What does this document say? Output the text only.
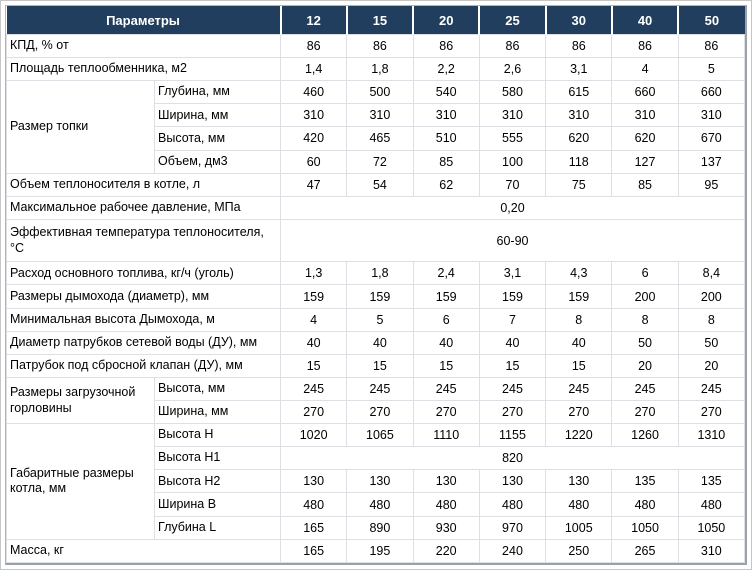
Параметры		12	15	20	25	30	40	50
КПД, % от		86	86	86	86	86	86	86
Площадь теплообменника, м2		1,4	1,8	2,2	2,6	3,1	4	5
Размер топки	Глубина, мм	460	500	540	580	615	660	660
	Ширина, мм	310	310	310	310	310	310	310
	Высота, мм	420	465	510	555	620	620	670
	Объем, дм3	60	72	85	100	118	127	137
Объем теплоносителя в котле, л		47	54	62	70	75	85	95
Максимальное рабочее давление, МПа		0,20						
Эффективная температура теплоносителя, °С		60-90						
Расход основного топлива, кг/ч (уголь)		1,3	1,8	2,4	3,1	4,3	6	8,4
Размеры дымохода (диаметр), мм		159	159	159	159	159	200	200
Минимальная высота Дымохода, м		4	5	6	7	8	8	8
Диаметр патрубков сетевой воды (ДУ), мм		40	40	40	40	40	50	50
Патрубок под сбросной клапан (ДУ), мм		15	15	15	15	15	20	20
Размеры загрузочной горловины	Высота, мм	245	245	245	245	245	245	245
	Ширина, мм	270	270	270	270	270	270	270
Габаритные размеры котла, мм	Высота Н	1020	1065	1110	1155	1220	1260	1310
	Высота Н1	820						
	Высота Н2	130	130	130	130	130	135	135
	Ширина В	480	480	480	480	480	480	480
	Глубина L	165	890	930	970	1005	1050	1050
Масса, кг		165	195	220	240	250	265	310
